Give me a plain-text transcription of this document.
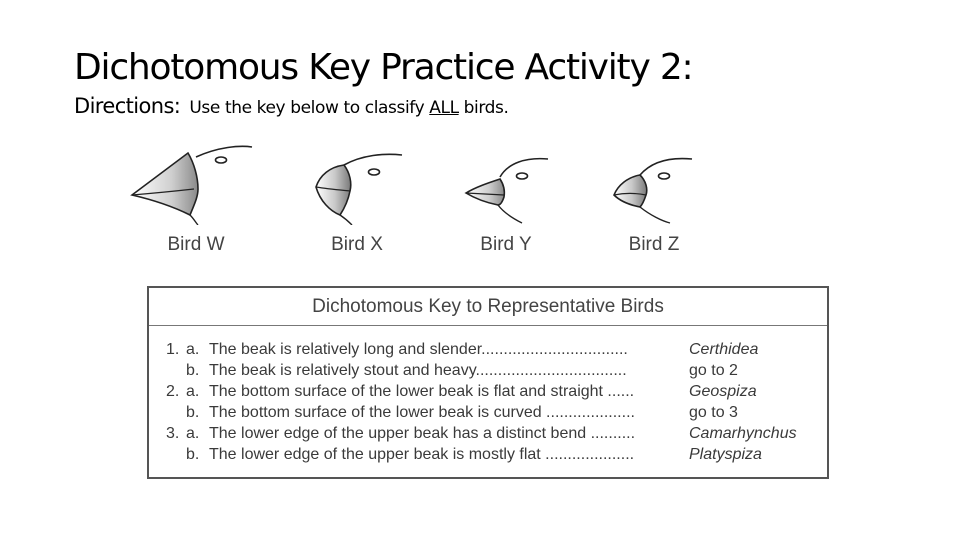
Dichotomous Key Practice Activity 2:
Directions: Use the key below to classify ALL birds.
Bird W	Bird X	Bird Y	Bird Z
Dichotomous Key to Representative Birds
1. a. The beak is relatively long and slender.................................	Certhidea
b. The beak is relatively stout and heavy..................................	go to 2
2. a. The bottom surface of the lower beak is flat and straight ......	Geospiza
b. The bottom surface of the lower beak is curved ....................	go to 3
3. a. The lower edge of the upper beak has a distinct bend ..........	Camarhynchus
b. The lower edge of the upper beak is mostly flat ....................	Platyspiza
